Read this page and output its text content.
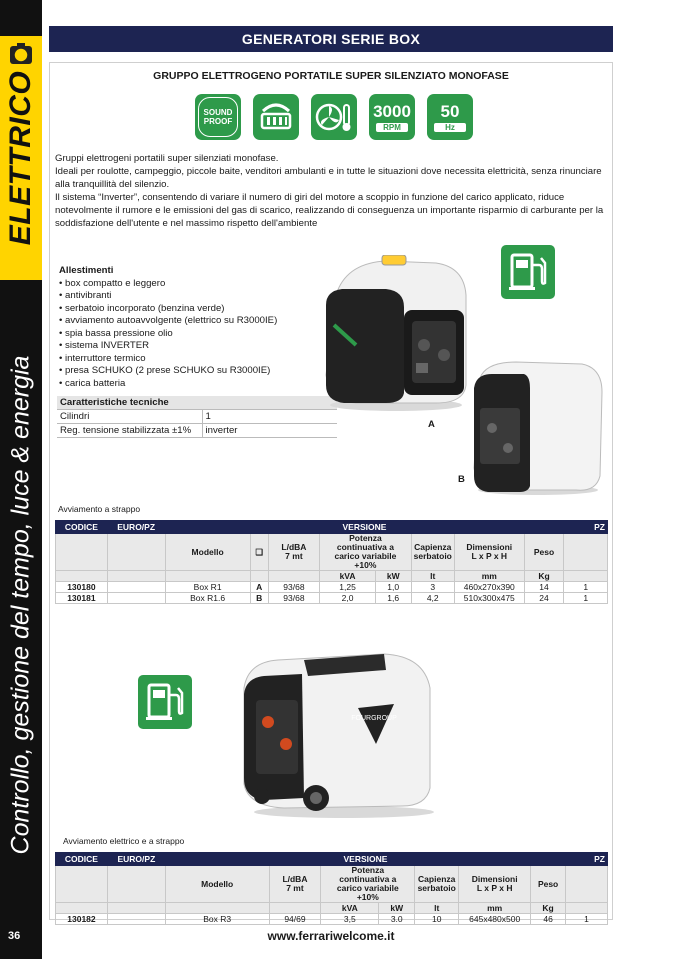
ELETTRICO
Controllo, gestione del tempo, luce & energia
36
GENERATORI SERIE BOX
GRUPPO ELETTROGENO PORTATILE SUPER SILENZIATO MONOFASE
SOUND
PROOF
3000
RPM
50
Hz
Gruppi elettrogeni portatili super silenziati monofase.
Ideali per roulotte, campeggio, piccole baite, venditori ambulanti e in tutte le situazioni dove necessita elettricità, senza rinunciare alla tranquillità del silenzio.
Il sistema “Inverter”, consentendo di variare il numero di giri del motore a scoppio in funzione del carico applicato, riduce notevolmente il rumore e le emissioni del gas di scarico, realizzando di conseguenza un importante risparmio di carburante per la soddisfazione dell'utente e nel massimo rispetto dell'ambiente
Allestimenti
• box compatto e leggero
• antivibranti
• serbatoio incorporato (benzina verde)
• avviamento autoavvolgente (elettrico su R3000IE)
• spia bassa pressione olio
• sistema INVERTER
• interruttore termico
• presa SCHUKO (2 prese SCHUKO su R3000IE)
• carica batteria
Caratteristiche tecniche	
Cilindri	1
Reg. tensione stabilizzata ±1%	inverter
A
B
Avviamento a strappo
CODICE	EURO/PZ	VERSIONE								PZ
		Modello	❑	L/dBA
7 mt	Potenza
continuativa a
carico variabile
+10%		Capienza
serbatoio	Dimensioni
L x P x H	Peso	
					kVA	kW	lt	mm	Kg	
130180		Box R1	A	93/68	1,25	1,0	3	460x270x390	14	1
130181		Box R1.6	B	93/68	2,0	1,6	4,2	510x300x475	24	1
FOURGROUP
Avviamento elettrico e a strappo
CODICE	EURO/PZ	VERSIONE							PZ
		Modello	L/dBA
7 mt	Potenza
continuativa a
carico variabile
+10%		Capienza
serbatoio	Dimensioni
L x P x H	Peso	
				kVA	kW	lt	mm	Kg	
130182		Box R3	94/69	3,5	3.0	10	645x480x500	46	1
www.ferrariwelcome.it
